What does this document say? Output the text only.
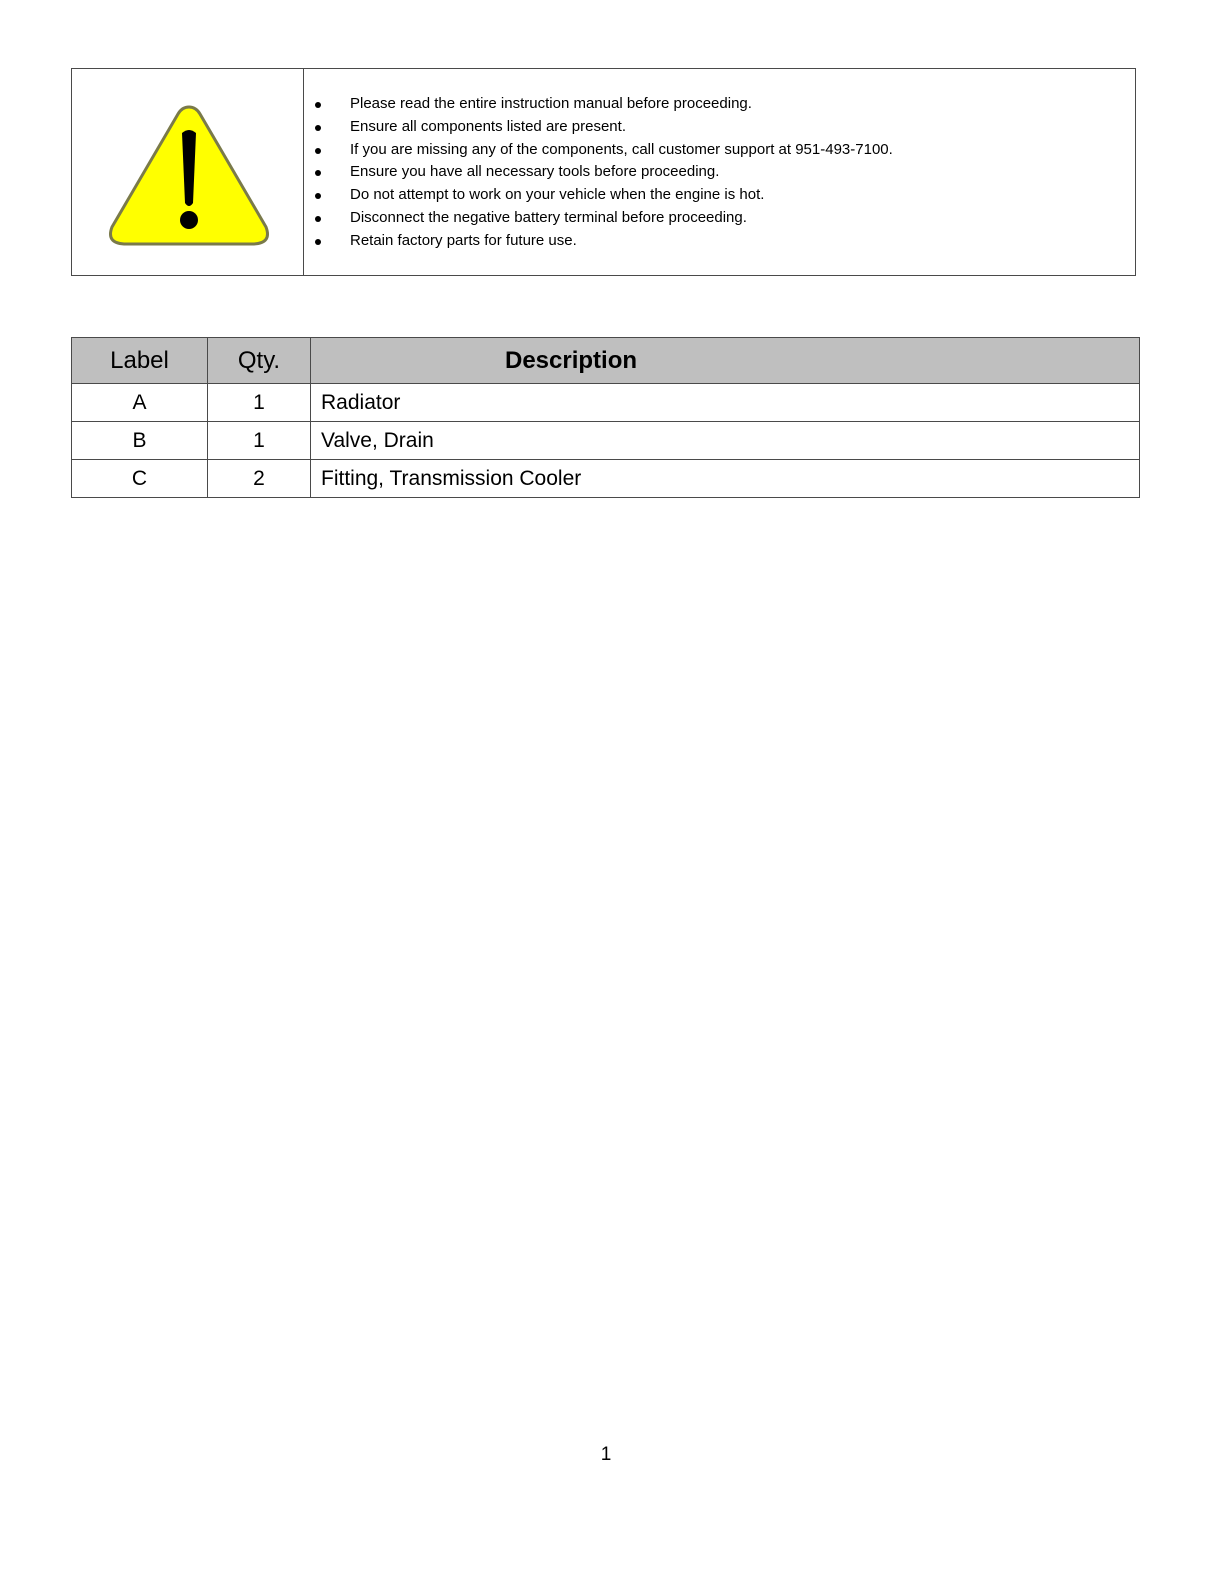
Please read the entire instruction manual before proceeding.
Ensure all components listed are present.
If you are missing any of the components, call customer support at 951-493-7100.
Ensure you have all necessary tools before proceeding.
Do not attempt to work on your vehicle when the engine is hot.
Disconnect the negative battery terminal before proceeding.
Retain factory parts for future use.
Label	Qty.	Description
A	1	Radiator
B	1	Valve, Drain
C	2	Fitting, Transmission Cooler
1
